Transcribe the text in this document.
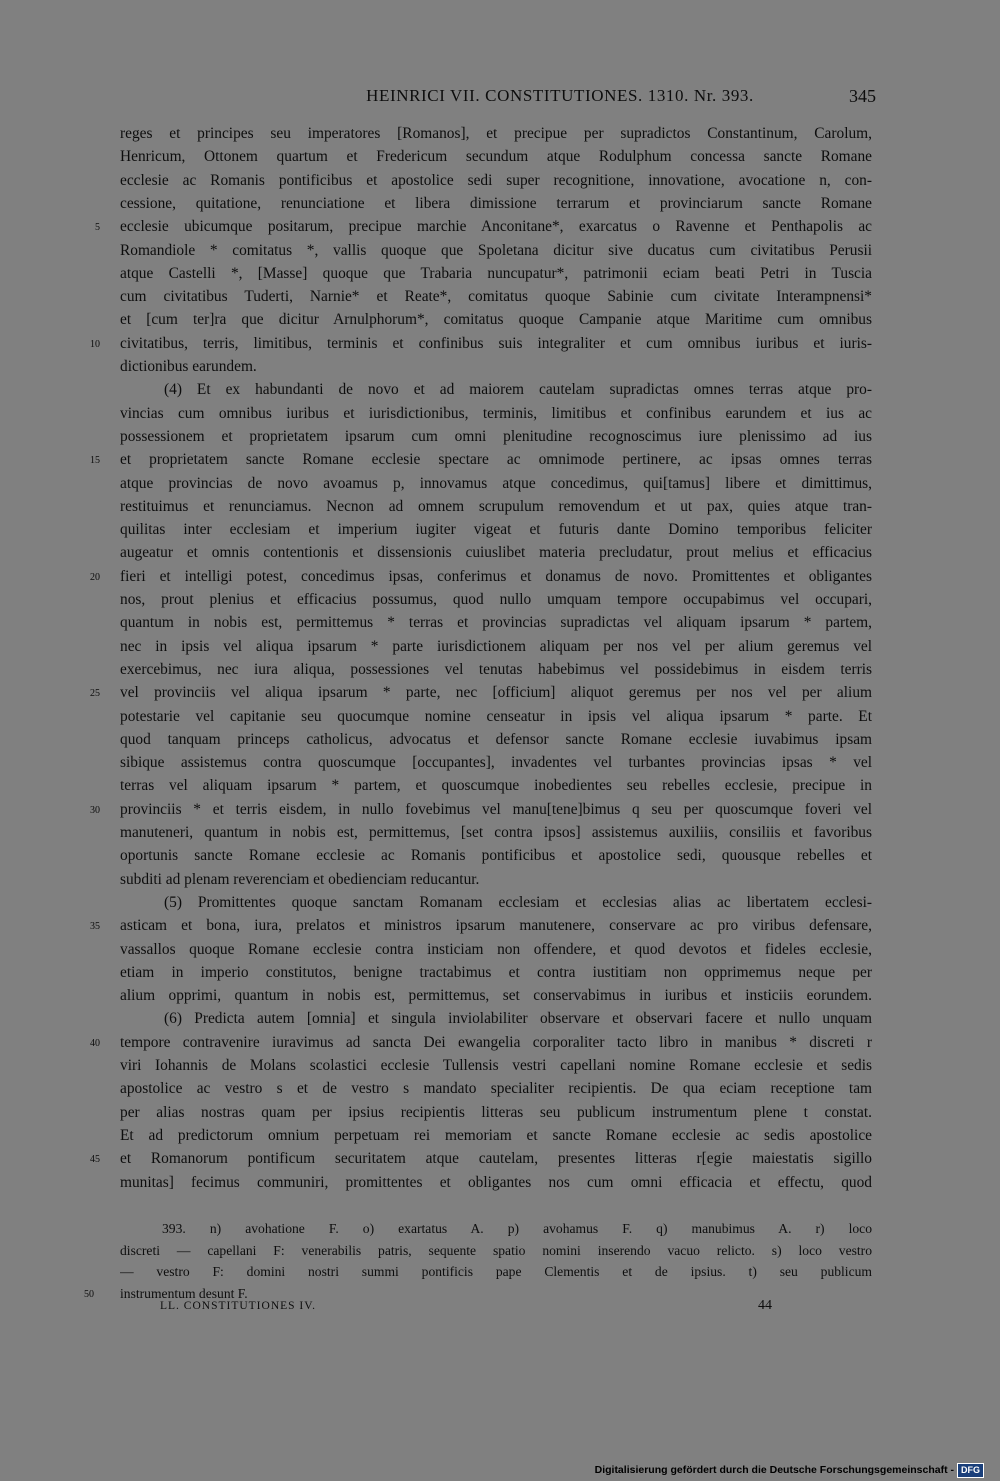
HEINRICI VII. CONSTITUTIONES. 1310. Nr. 393.	345
reges et principes seu imperatores [Romanos], et precipue per supradictos Constantinum, Carolum,
Henricum, Ottonem quartum et Fredericum secundum atque Rodulphum concessa sancte Romane
ecclesie ac Romanis pontificibus et apostolice sedi super recognitione, innovatione, avocatione n, con-
cessione, quitatione, renunciatione et libera dimissione terrarum et provinciarum sancte Romane
ecclesie ubicumque positarum, precipue marchie Anconitane*, exarcatus o Ravenne et Penthapolis ac
Romandiole * comitatus *, vallis quoque que Spoletana dicitur sive ducatus cum civitatibus Perusii
atque Castelli *, [Masse] quoque que Trabaria nuncupatur*, patrimonii eciam beati Petri in Tuscia
cum civitatibus Tuderti, Narnie* et Reate*, comitatus quoque Sabinie cum civitate Interampnensi*
et [cum ter]ra que dicitur Arnulphorum*, comitatus quoque Campanie atque Maritime cum omnibus
civitatibus, terris, limitibus, terminis et confinibus suis integraliter et cum omnibus iuribus et iuris-
dictionibus earundem.
(4) Et ex habundanti de novo et ad maiorem cautelam supradictas omnes terras atque pro-
vincias cum omnibus iuribus et iurisdictionibus, terminis, limitibus et confinibus earundem et ius ac
possessionem et proprietatem ipsarum cum omni plenitudine recognoscimus iure plenissimo ad ius
et proprietatem sancte Romane ecclesie spectare ac omnimode pertinere, ac ipsas omnes terras
atque provincias de novo avoamus p, innovamus atque concedimus, qui[tamus] libere et dimittimus,
restituimus et renunciamus. Necnon ad omnem scrupulum removendum et ut pax, quies atque tran-
quilitas inter ecclesiam et imperium iugiter vigeat et futuris dante Domino temporibus feliciter
augeatur et omnis contentionis et dissensionis cuiuslibet materia precludatur, prout melius et efficacius
fieri et intelligi potest, concedimus ipsas, conferimus et donamus de novo. Promittentes et obligantes
nos, prout plenius et efficacius possumus, quod nullo umquam tempore occupabimus vel occupari,
quantum in nobis est, permittemus * terras et provincias supradictas vel aliquam ipsarum * partem,
nec in ipsis vel aliqua ipsarum * parte iurisdictionem aliquam per nos vel per alium geremus vel
exercebimus, nec iura aliqua, possessiones vel tenutas habebimus vel possidebimus in eisdem terris
vel provinciis vel aliqua ipsarum * parte, nec [officium] aliquot geremus per nos vel per alium
potestarie vel capitanie seu quocumque nomine censeatur in ipsis vel aliqua ipsarum * parte. Et
quod tanquam princeps catholicus, advocatus et defensor sancte Romane ecclesie iuvabimus ipsam
sibique assistemus contra quoscumque [occupantes], invadentes vel turbantes provincias ipsas * vel
terras vel aliquam ipsarum * partem, et quoscumque inobedientes seu rebelles ecclesie, precipue in
provinciis * et terris eisdem, in nullo fovebimus vel manu[tene]bimus q seu per quoscumque foveri vel
manuteneri, quantum in nobis est, permittemus, [set contra ipsos] assistemus auxiliis, consiliis et favoribus
oportunis sancte Romane ecclesie ac Romanis pontificibus et apostolice sedi, quousque rebelles et
subditi ad plenam reverenciam et obedienciam reducantur.
(5) Promittentes quoque sanctam Romanam ecclesiam et ecclesias alias ac libertatem ecclesi-
asticam et bona, iura, prelatos et ministros ipsarum manutenere, conservare ac pro viribus defensare,
vassallos quoque Romane ecclesie contra insticiam non offendere, et quod devotos et fideles ecclesie,
etiam in imperio constitutos, benigne tractabimus et contra iustitiam non opprimemus neque per
alium opprimi, quantum in nobis est, permittemus, set conservabimus in iuribus et insticiis eorundem.
(6) Predicta autem [omnia] et singula inviolabiliter observare et observari facere et nullo unquam
tempore contravenire iuravimus ad sancta Dei ewangelia corporaliter tacto libro in manibus * discreti r
viri Iohannis de Molans scolastici ecclesie Tullensis vestri capellani nomine Romane ecclesie et sedis
apostolice ac vestro s et de vestro s mandato specialiter recipientis. De qua eciam receptione tam
per alias nostras quam per ipsius recipientis litteras seu publicum instrumentum plene t constat.
Et ad predictorum omnium perpetuam rei memoriam et sancte Romane ecclesie ac sedis apostolice
et Romanorum pontificum securitatem atque cautelam, presentes litteras r[egie maiestatis sigillo
munitas] fecimus communiri, promittentes et obligantes nos cum omni efficacia et effectu, quod
5
10
15
20
25
30
35
40
45
393. n) avohatione F. o) exartatus A. p) avohamus F. q) manubimus A. r) loco
discreti — capellani F: venerabilis patris, sequente spatio nomini inserendo vacuo relicto. s) loco vestro
— vestro F: domini nostri summi pontificis pape Clementis et de ipsius. t) seu publicum
instrumentum desunt F.
50
LL. CONSTITUTIONES IV.	44
Digitalisierung gefördert durch die Deutsche Forschungsgemeinschaft - DFG
